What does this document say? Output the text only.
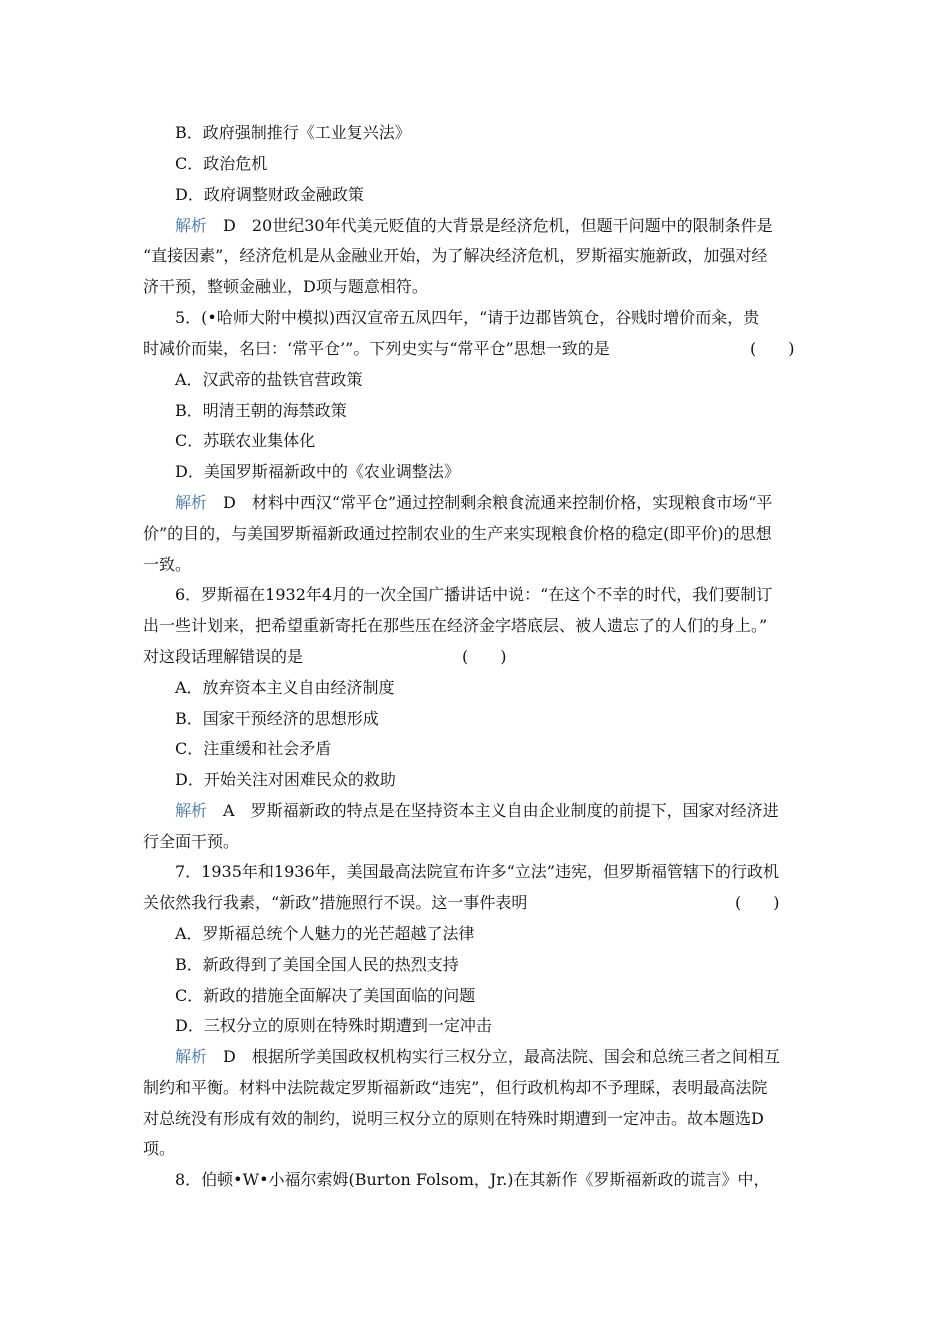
B．政府强制推行《工业复兴法》
C．政治危机
D．政府调整财政金融政策
解析　D　20世纪30年代美元贬值的大背景是经济危机，但题干问题中的限制条件是
“直接因素”，经济危机是从金融业开始，为了解决经济危机，罗斯福实施新政，加强对经
济干预，整顿金融业，D项与题意相符。
5．(•哈师大附中模拟)西汉宣帝五凤四年，“请于边郡皆筑仓，谷贱时增价而籴，贵
时减价而粜，名曰：‘常平仓’”。下列史实与“常平仓”思想一致的是	(　　)
A．汉武帝的盐铁官营政策
B．明清王朝的海禁政策
C．苏联农业集体化
D．美国罗斯福新政中的《农业调整法》
解析　D　材料中西汉“常平仓”通过控制剩余粮食流通来控制价格，实现粮食市场“平
价”的目的，与美国罗斯福新政通过控制农业的生产来实现粮食价格的稳定(即平价)的思想
一致。
6．罗斯福在1932年4月的一次全国广播讲话中说：“在这个不幸的时代，我们要制订
出一些计划来，把希望重新寄托在那些压在经济金字塔底层、被人遗忘了的人们的身上。”
对这段话理解错误的是	(　　)
A．放弃资本主义自由经济制度
B．国家干预经济的思想形成
C．注重缓和社会矛盾
D．开始关注对困难民众的救助
解析　A　罗斯福新政的特点是在坚持资本主义自由企业制度的前提下，国家对经济进
行全面干预。
7．1935年和1936年，美国最高法院宣布许多“立法”违宪，但罗斯福管辖下的行政机
关依然我行我素，“新政”措施照行不误。这一事件表明	(　　)
A．罗斯福总统个人魅力的光芒超越了法律
B．新政得到了美国全国人民的热烈支持
C．新政的措施全面解决了美国面临的问题
D．三权分立的原则在特殊时期遭到一定冲击
解析　D　根据所学美国政权机构实行三权分立，最高法院、国会和总统三者之间相互
制约和平衡。材料中法院裁定罗斯福新政“违宪”，但行政机构却不予理睬，表明最高法院
对总统没有形成有效的制约，说明三权分立的原则在特殊时期遭到一定冲击。故本题选D
项。
8．伯顿•W•小福尔索姆(Burton Folsom，Jr.)在其新作《罗斯福新政的谎言》中，
